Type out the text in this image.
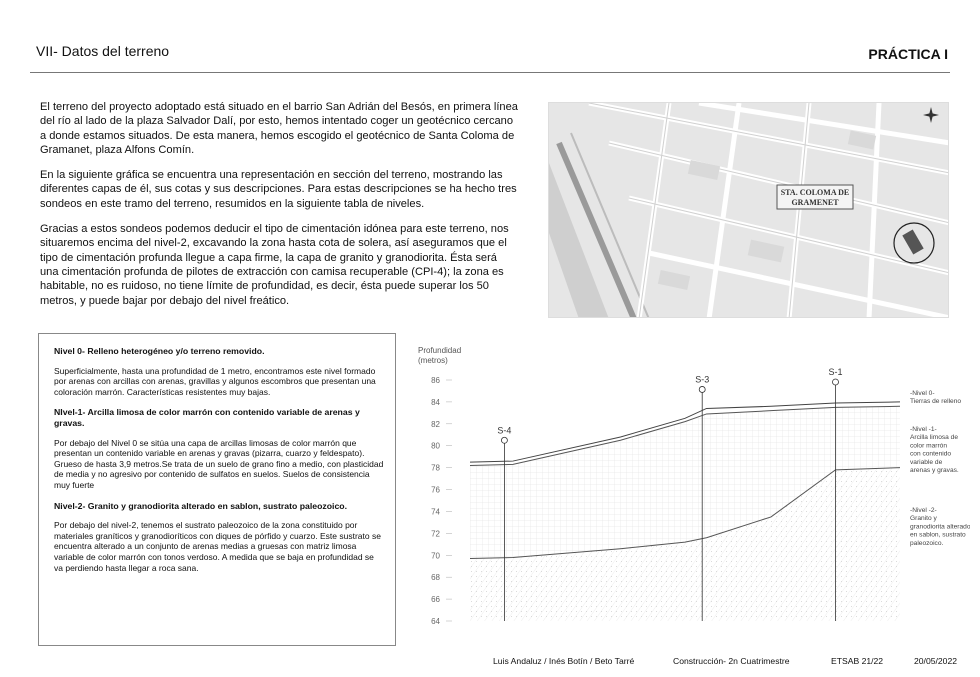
VII- Datos del terreno	PRÁCTICA I

El terreno del proyecto adoptado está situado en el barrio San Adrián del Besós, en primera línea del río al lado de la plaza Salvador Dalí, por esto, hemos intentado coger un geotécnico cercano a donde estamos situados. De esta manera, hemos escogido el geotécnico de Santa Coloma de Gramanet, plaza Alfons Comín.

En la siguiente gráfica se encuentra una representación en sección del terreno, mostrando las diferentes capas de él, sus cotas y sus descripciones. Para estas descripciones se ha hecho tres sondeos en este tramo del terreno, resumidos en la siguiente tabla de niveles.

Gracias a estos sondeos podemos deducir el tipo de cimentación idónea para este terreno, nos situaremos encima del nivel-2, excavando la zona hasta cota de solera, así aseguramos que el tipo de cimentación profunda llegue a capa firme, la capa de granito y granodiorita. Ésta será una cimentación profunda de pilotes de extracción con camisa recuperable (CPI-4); la zona es habitable, no es ruidoso, no tiene límite de profundidad, es decir, ésta puede superar los 50 metros, y puede bajar por debajo del nivel freático.

STA. COLOMA DE
GRAMENET
Nivel 0- Relleno heterogéneo y/o terreno removido.
Superficialmente, hasta una profundidad de 1 metro, encontramos este nivel formado por arenas con arcillas con arenas, gravillas y algunos escombros que presentan una coloración marrón. Características resistentes muy bajas.
NIvel-1- Arcilla limosa de color marrón con contenido variable de arenas y gravas.
Por debajo del Nivel 0 se sitúa una capa de arcillas limosas de color marrón que presentan un contenido variable en arenas y gravas (pizarra, cuarzo y feldespato). Grueso de hasta 3,9 metros.Se trata de un suelo de grano fino a medio, con plasticidad de media y no agresivo por contenido de sulfatos en suelos. Suelos de consistencia muy fuerte
Nivel-2- Granito y granodiorita alterado en sablon, sustrato paleozoico.
Por debajo del nivel-2, tenemos el sustrato paleozoico de la zona constituido por materiales graníticos y granodioríticos con diques de pórfido y cuarzo. Este sustrato se encuentra alterado a un conjunto de arenas medias a gruesas con matriz limosa variable de color marrón con tonos verdoso. A medida que se baja en profundidad se va perdiendo hasta llegar a roca sana.
Profundidad
(metros)
86
84
82
80
78
76
74
72
70
68
66
64
S-4
S-3
S-1
-Nivel 0-
Tierras de relleno
-Nivel -1-
Arcilla limosa de
color marrón
con contenido
variable de
arenas y gravas.
-Nivel -2-
Granito y
granodiorita alterado
en sablon, sustrato
paleozoico.
Luis Andaluz / Inés Botín / Beto Tarré	Construcción- 2n Cuatrimestre	ETSAB 21/22	20/05/2022
